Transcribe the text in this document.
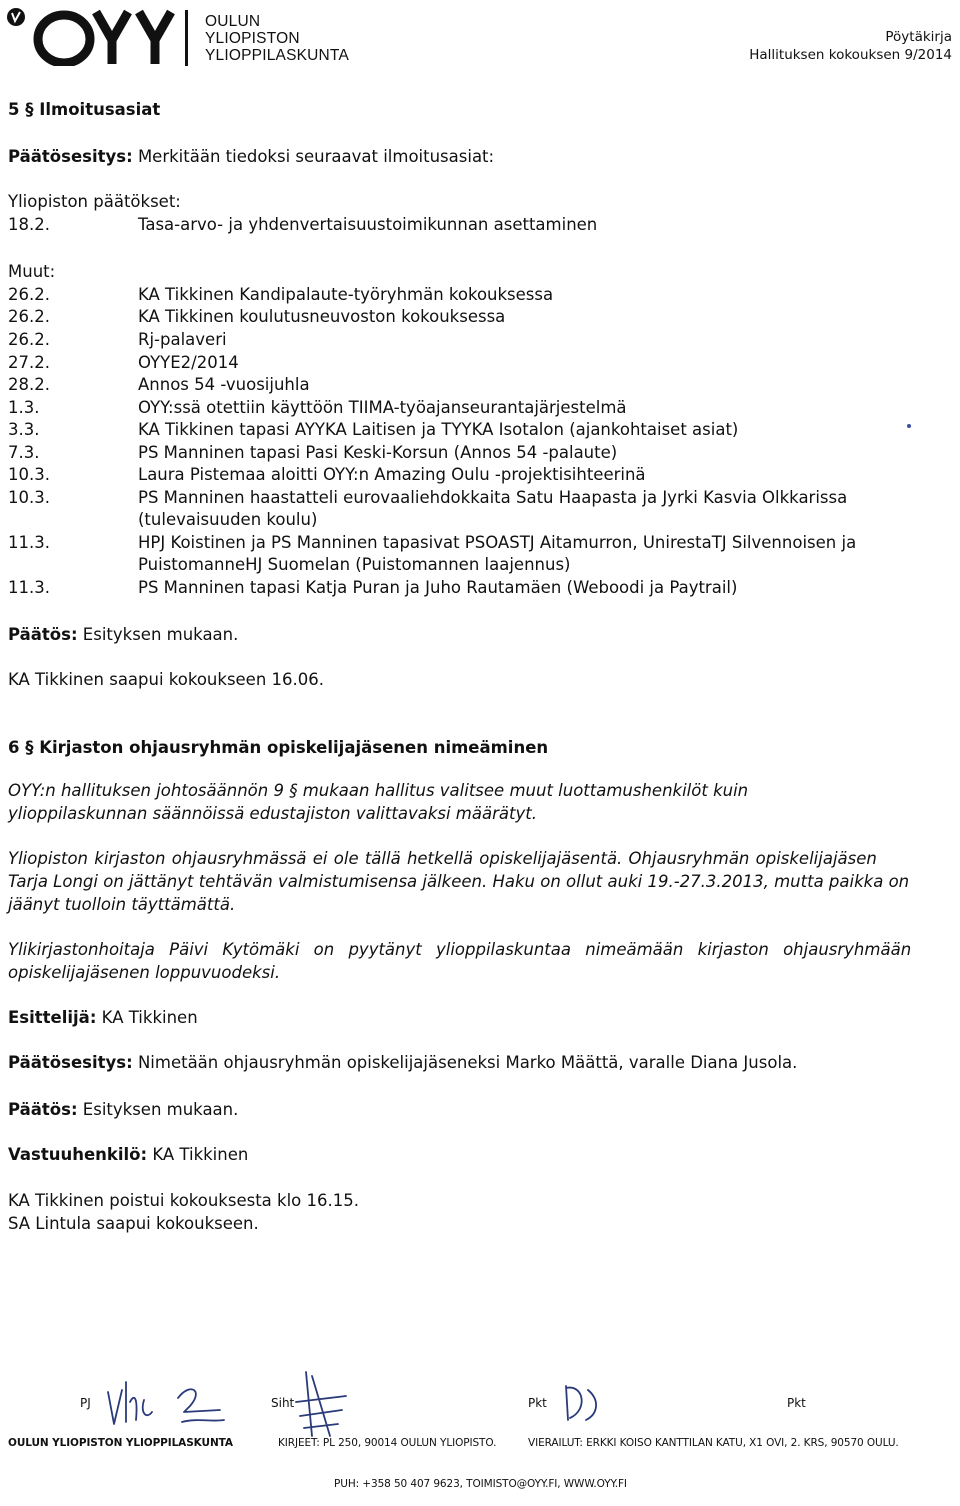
OULUN
YLIOPISTON
YLIOPPILASKUNTA
Pöytäkirja
Hallituksen kokouksen 9/2014
5 § Ilmoitusasiat
Päätösesitys: Merkitään tiedoksi seuraavat ilmoitusasiat:
Yliopiston päätökset:
18.2.	Tasa-arvo- ja yhdenvertaisuustoimikunnan asettaminen
Muut:
26.2.	KA Tikkinen Kandipalaute-työryhmän kokouksessa
26.2.	KA Tikkinen koulutusneuvoston kokouksessa
26.2.	Rj-palaveri
27.2.	OYYE2/2014
28.2.	Annos 54 -vuosijuhla
1.3.	OYY:ssä otettiin käyttöön TIIMA-työajanseurantajärjestelmä
3.3.	KA Tikkinen tapasi AYYKA Laitisen ja TYYKA Isotalon (ajankohtaiset asiat)
7.3.	PS Manninen tapasi Pasi Keski-Korsun (Annos 54 -palaute)
10.3.	Laura Pistemaa aloitti OYY:n Amazing Oulu -projektisihteerinä
10.3.	PS Manninen haastatteli eurovaaliehdokkaita Satu Haapasta ja Jyrki Kasvia Olkkarissa
(tulevaisuuden koulu)
11.3.	HPJ Koistinen ja PS Manninen tapasivat PSOASTJ Aitamurron, UnirestaTJ Silvennoisen ja
PuistomanneHJ Suomelan (Puistomannen laajennus)
11.3.	PS Manninen tapasi Katja Puran ja Juho Rautamäen (Weboodi ja Paytrail)
Päätös: Esityksen mukaan.
KA Tikkinen saapui kokoukseen 16.06.
6 § Kirjaston ohjausryhmän opiskelijajäsenen nimeäminen
OYY:n hallituksen johtosäännön 9 § mukaan hallitus valitsee muut luottamushenkilöt kuin
ylioppilaskunnan säännöissä edustajiston valittavaksi määrätyt.
Yliopiston kirjaston ohjausryhmässä ei ole tällä hetkellä opiskelijajäsentä. Ohjausryhmän opiskelijajäsen
Tarja Longi on jättänyt tehtävän valmistumisensa jälkeen. Haku on ollut auki 19.-27.3.2013, mutta paikka on
jäänyt tuolloin täyttämättä.
Ylikirjastonhoitaja Päivi Kytömäki on pyytänyt ylioppilaskuntaa nimeämään kirjaston ohjausryhmään
opiskelijajäsenen loppuvuodeksi.
Esittelijä: KA Tikkinen
Päätösesitys: Nimetään ohjausryhmän opiskelijajäseneksi Marko Määttä, varalle Diana Jusola.
Päätös: Esityksen mukaan.
Vastuuhenkilö: KA Tikkinen
KA Tikkinen poistui kokouksesta klo 16.15.
SA Lintula saapui kokoukseen.
PJ	Siht	Pkt	Pkt
OULUN YLIOPISTON YLIOPPILASKUNTA	KIRJEET: PL 250, 90014 OULUN YLIOPISTO.	VIERAILUT: ERKKI KOISO KANTTILAN KATU, X1 OVI, 2. KRS, 90570 OULU.
PUH: +358 50 407 9623, TOIMISTO@OYY.FI, WWW.OYY.FI
